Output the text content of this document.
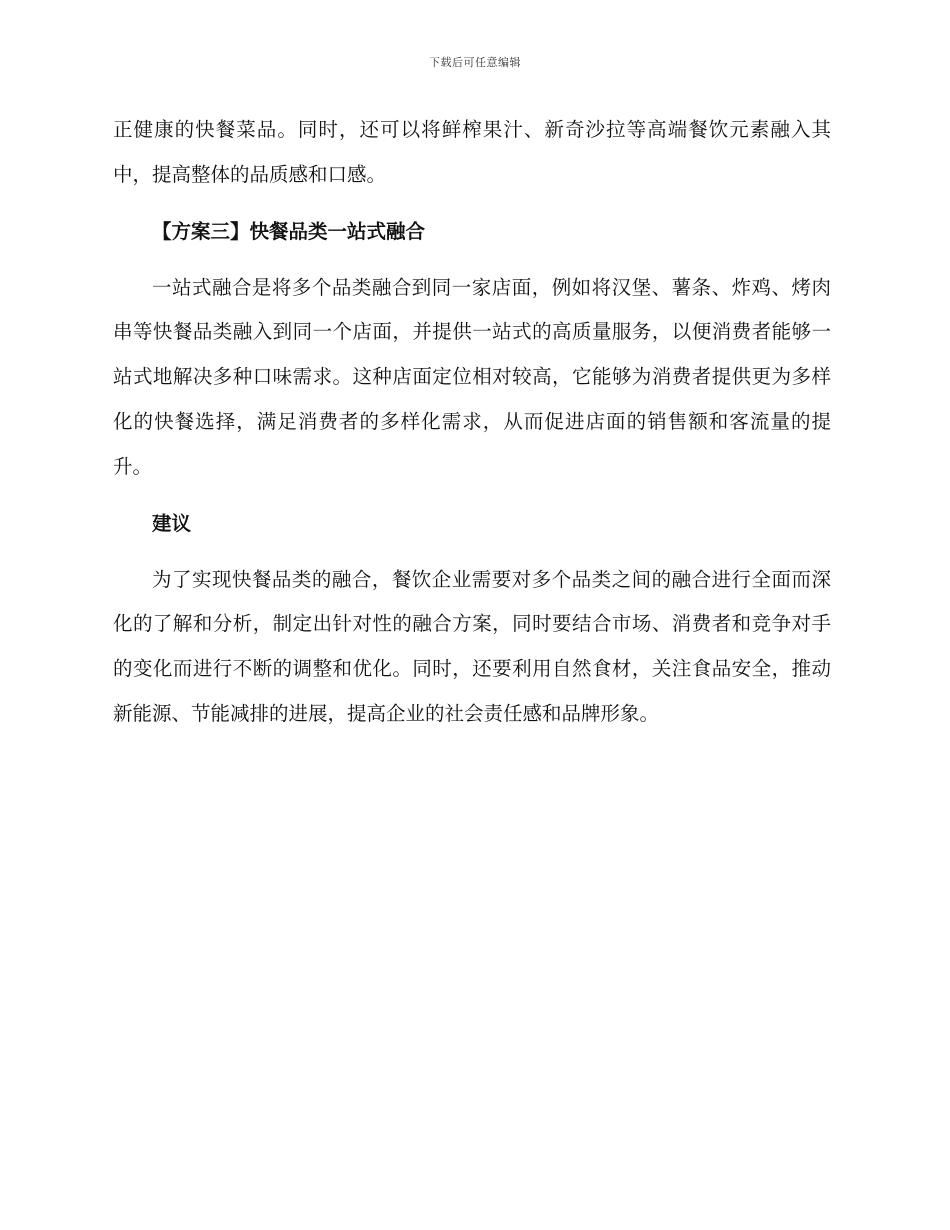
下载后可任意编辑

正健康的快餐菜品。同时，还可以将鲜榨果汁、新奇沙拉等高端餐饮元素融入其中，提高整体的品质感和口感。

【方案三】快餐品类一站式融合

一站式融合是将多个品类融合到同一家店面，例如将汉堡、薯条、炸鸡、烤肉串等快餐品类融入到同一个店面，并提供一站式的高质量服务，以便消费者能够一站式地解决多种口味需求。这种店面定位相对较高，它能够为消费者提供更为多样化的快餐选择，满足消费者的多样化需求，从而促进店面的销售额和客流量的提升。

建议

为了实现快餐品类的融合，餐饮企业需要对多个品类之间的融合进行全面而深化的了解和分析，制定出针对性的融合方案，同时要结合市场、消费者和竞争对手的变化而进行不断的调整和优化。同时，还要利用自然食材，关注食品安全，推动新能源、节能减排的进展，提高企业的社会责任感和品牌形象。
